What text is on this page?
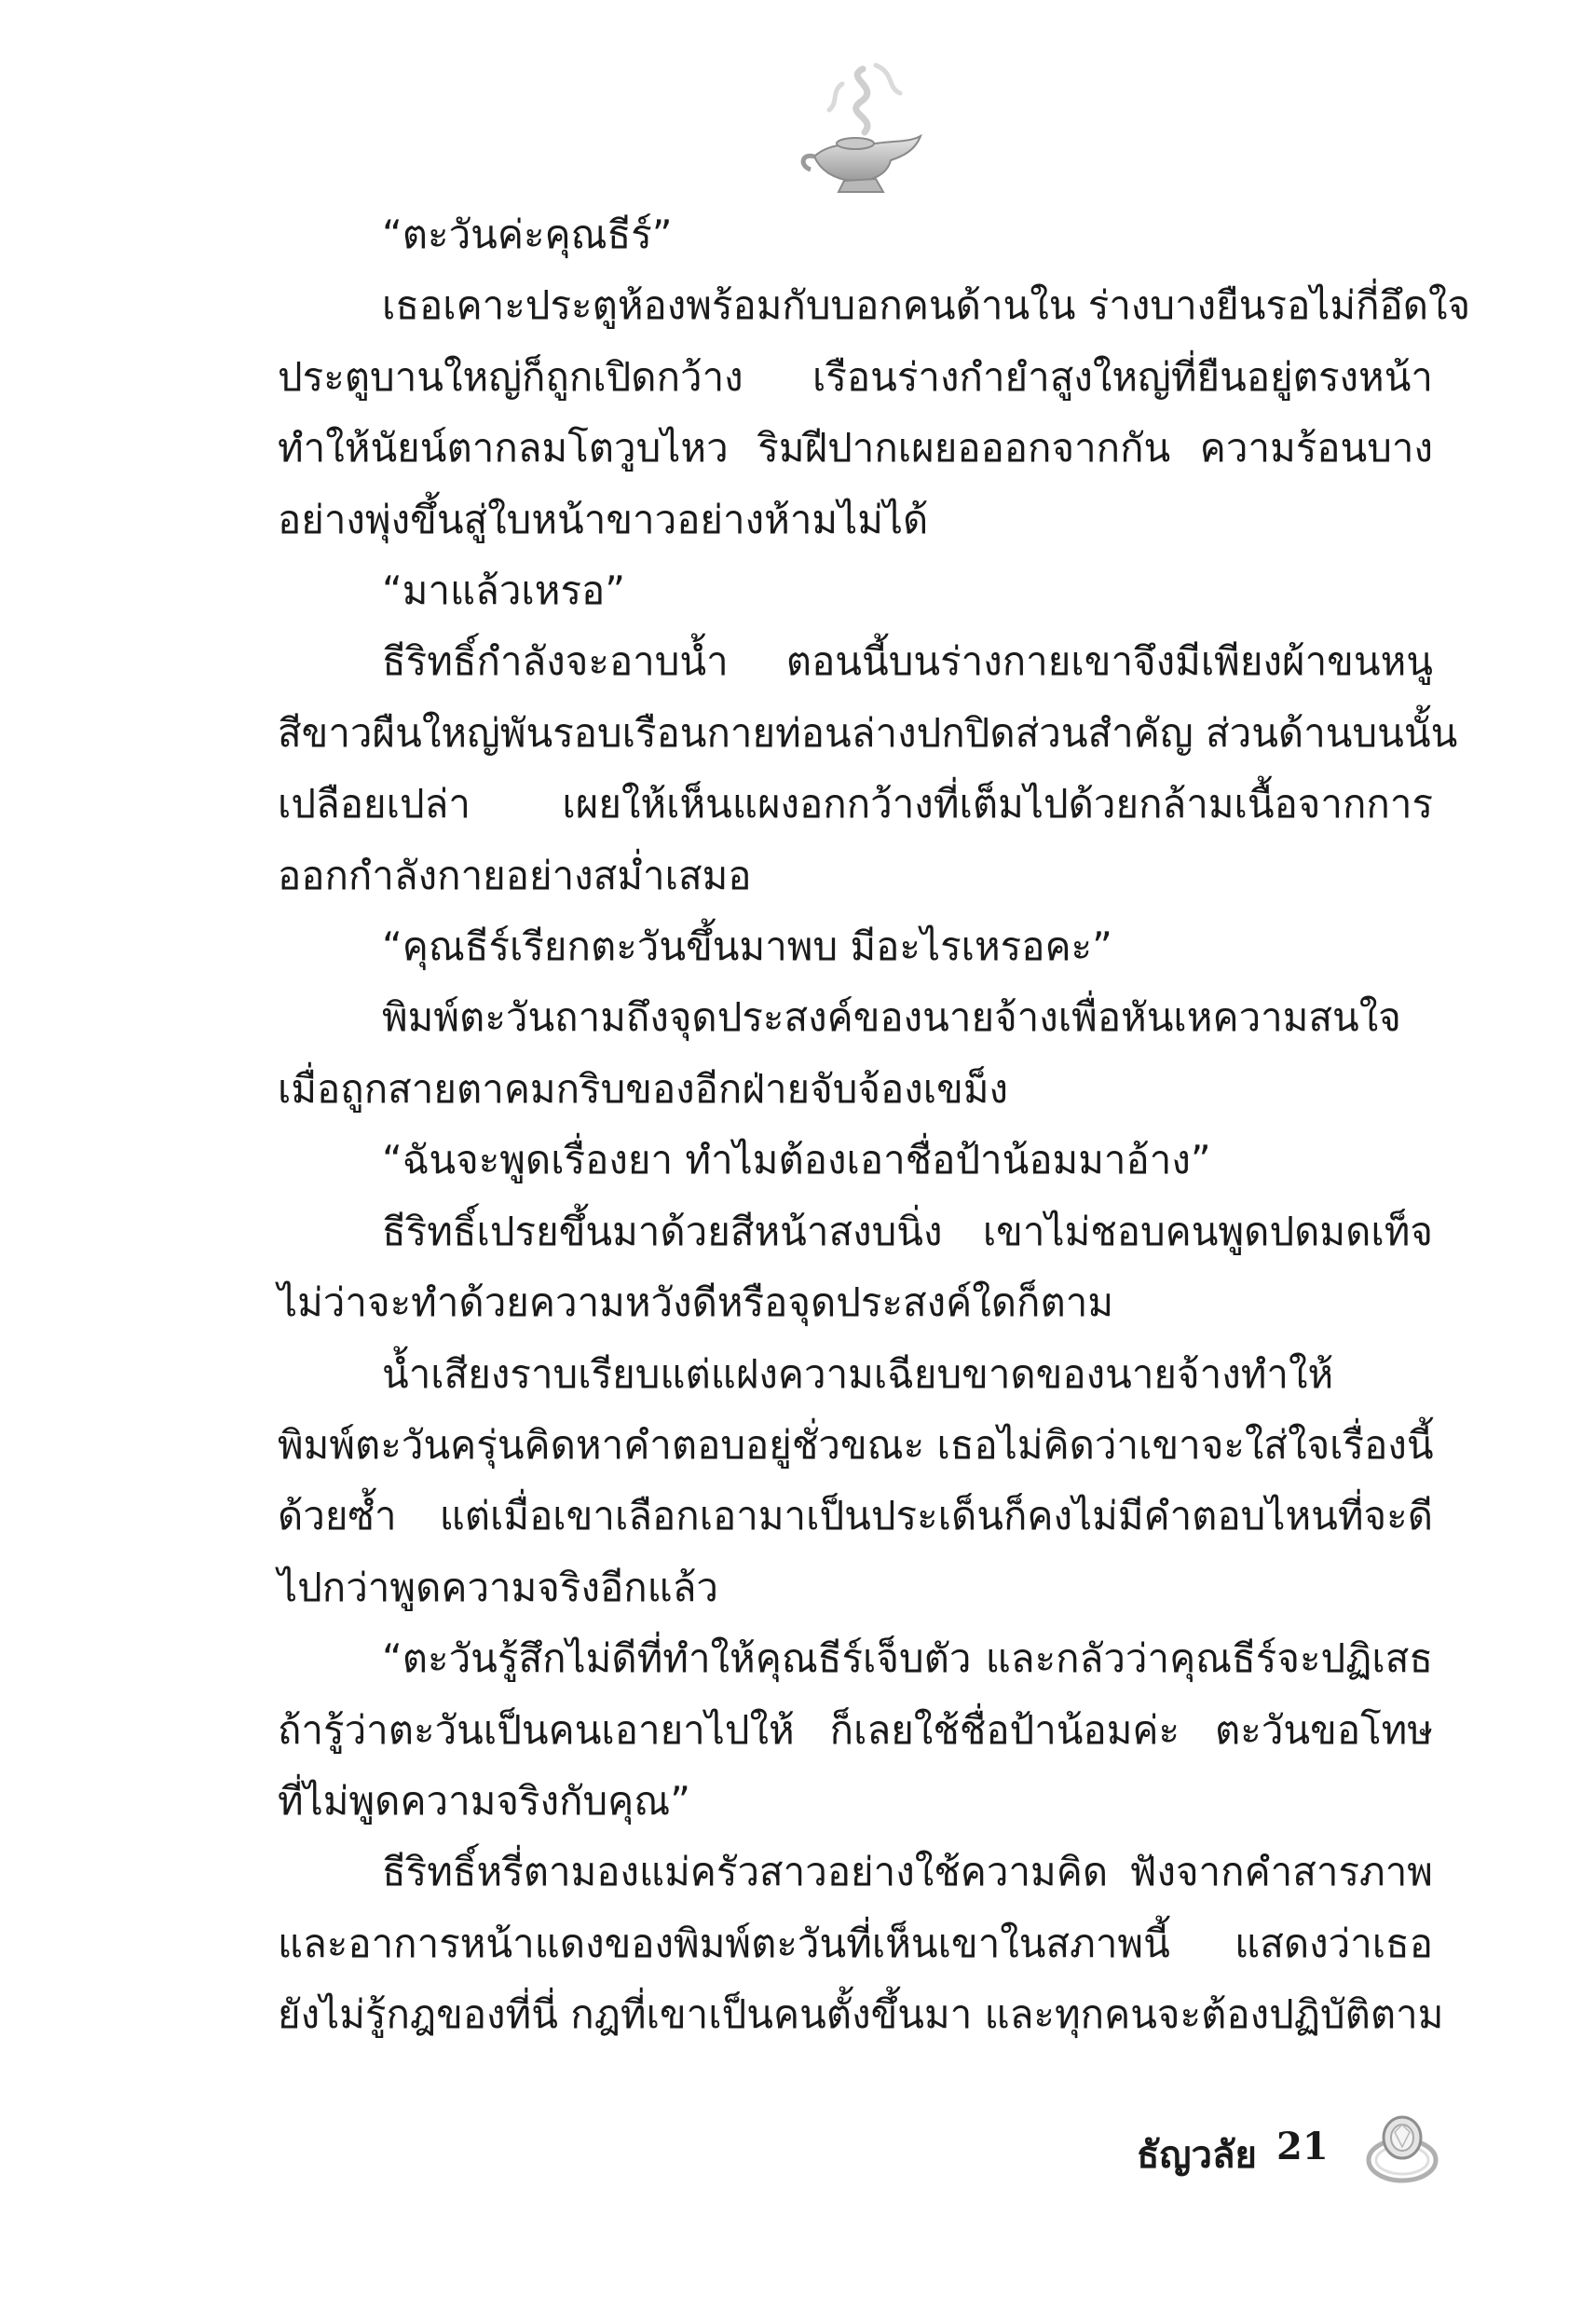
“ตะวันค่ะคุณธีร์”
เธอเคาะประตูห้องพร้อมกับบอกคนด้านใน ร่างบางยืนรอไม่กี่อึดใจ
ประตูบานใหญ่ก็ถูกเปิดกว้าง เรือนร่างกำยำสูงใหญ่ที่ยืนอยู่ตรงหน้า
ทำให้นัยน์ตากลมโตวูบไหว ริมฝีปากเผยอออกจากกัน ความร้อนบาง
อย่างพุ่งขึ้นสู่ใบหน้าขาวอย่างห้ามไม่ได้
“มาแล้วเหรอ”
ธีริทธิ์กำลังจะอาบน้ำ ตอนนี้บนร่างกายเขาจึงมีเพียงผ้าขนหนู
สีขาวผืนใหญ่พันรอบเรือนกายท่อนล่างปกปิดส่วนสำคัญ ส่วนด้านบนนั้น
เปลือยเปล่า เผยให้เห็นแผงอกกว้างที่เต็มไปด้วยกล้ามเนื้อจากการ
ออกกำลังกายอย่างสม่ำเสมอ
“คุณธีร์เรียกตะวันขึ้นมาพบ มีอะไรเหรอคะ”
พิมพ์ตะวันถามถึงจุดประสงค์ของนายจ้างเพื่อหันเหความสนใจ
เมื่อถูกสายตาคมกริบของอีกฝ่ายจับจ้องเขม็ง
“ฉันจะพูดเรื่องยา ทำไมต้องเอาชื่อป้าน้อมมาอ้าง”
ธีริทธิ์เปรยขึ้นมาด้วยสีหน้าสงบนิ่ง เขาไม่ชอบคนพูดปดมดเท็จ
ไม่ว่าจะทำด้วยความหวังดีหรือจุดประสงค์ใดก็ตาม
น้ำเสียงราบเรียบแต่แฝงความเฉียบขาดของนายจ้างทำให้
พิมพ์ตะวันครุ่นคิดหาคำตอบอยู่ชั่วขณะ เธอไม่คิดว่าเขาจะใส่ใจเรื่องนี้
ด้วยซ้ำ แต่เมื่อเขาเลือกเอามาเป็นประเด็นก็คงไม่มีคำตอบไหนที่จะดี
ไปกว่าพูดความจริงอีกแล้ว
“ตะวันรู้สึกไม่ดีที่ทำให้คุณธีร์เจ็บตัว และกลัวว่าคุณธีร์จะปฏิเสธ
ถ้ารู้ว่าตะวันเป็นคนเอายาไปให้ ก็เลยใช้ชื่อป้าน้อมค่ะ ตะวันขอโทษ
ที่ไม่พูดความจริงกับคุณ”
ธีริทธิ์หรี่ตามองแม่ครัวสาวอย่างใช้ความคิด ฟังจากคำสารภาพ
และอาการหน้าแดงของพิมพ์ตะวันที่เห็นเขาในสภาพนี้ แสดงว่าเธอ
ยังไม่รู้กฎของที่นี่ กฎที่เขาเป็นคนตั้งขึ้นมา และทุกคนจะต้องปฏิบัติตาม
ธัญวลัย 21
